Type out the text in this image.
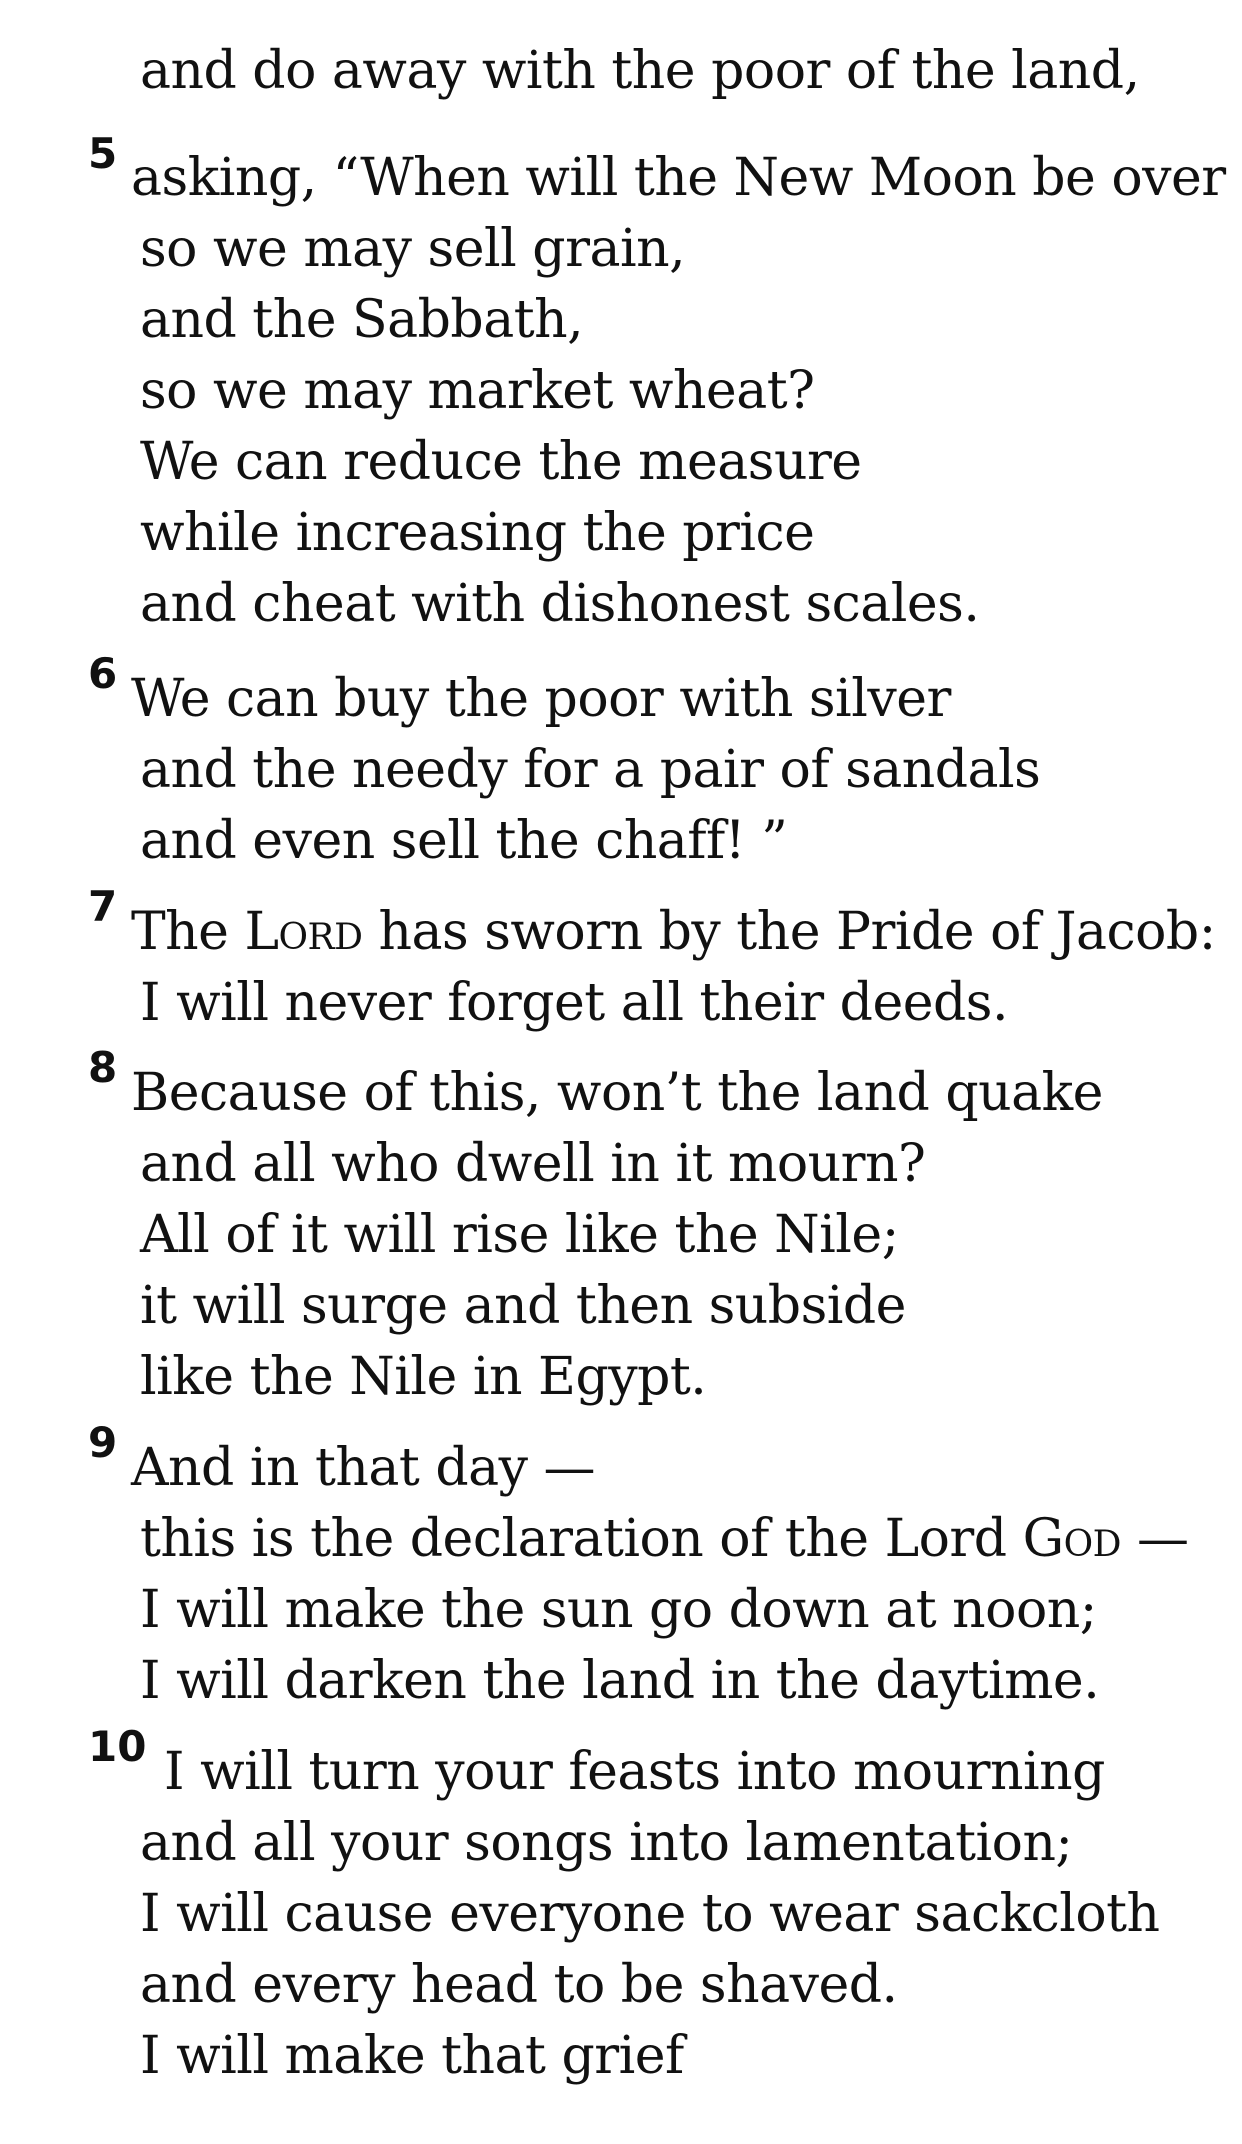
and do away with the poor of the land,
5 asking, “When will the New Moon be over
so we may sell grain,
and the Sabbath,
so we may market wheat?
We can reduce the measure
while increasing the price
and cheat with dishonest scales.
6 We can buy the poor with silver
and the needy for a pair of sandals
and even sell the chaff! ”
7 The Lord has sworn by the Pride of Jacob:
I will never forget all their deeds.
8 Because of this, won’t the land quake
and all who dwell in it mourn?
All of it will rise like the Nile;
it will surge and then subside
like the Nile in Egypt.
9 And in that day —
this is the declaration of the Lord God —
I will make the sun go down at noon;
I will darken the land in the daytime.
10 I will turn your feasts into mourning
and all your songs into lamentation;
I will cause everyone to wear sackcloth
and every head to be shaved.
I will make that grief
